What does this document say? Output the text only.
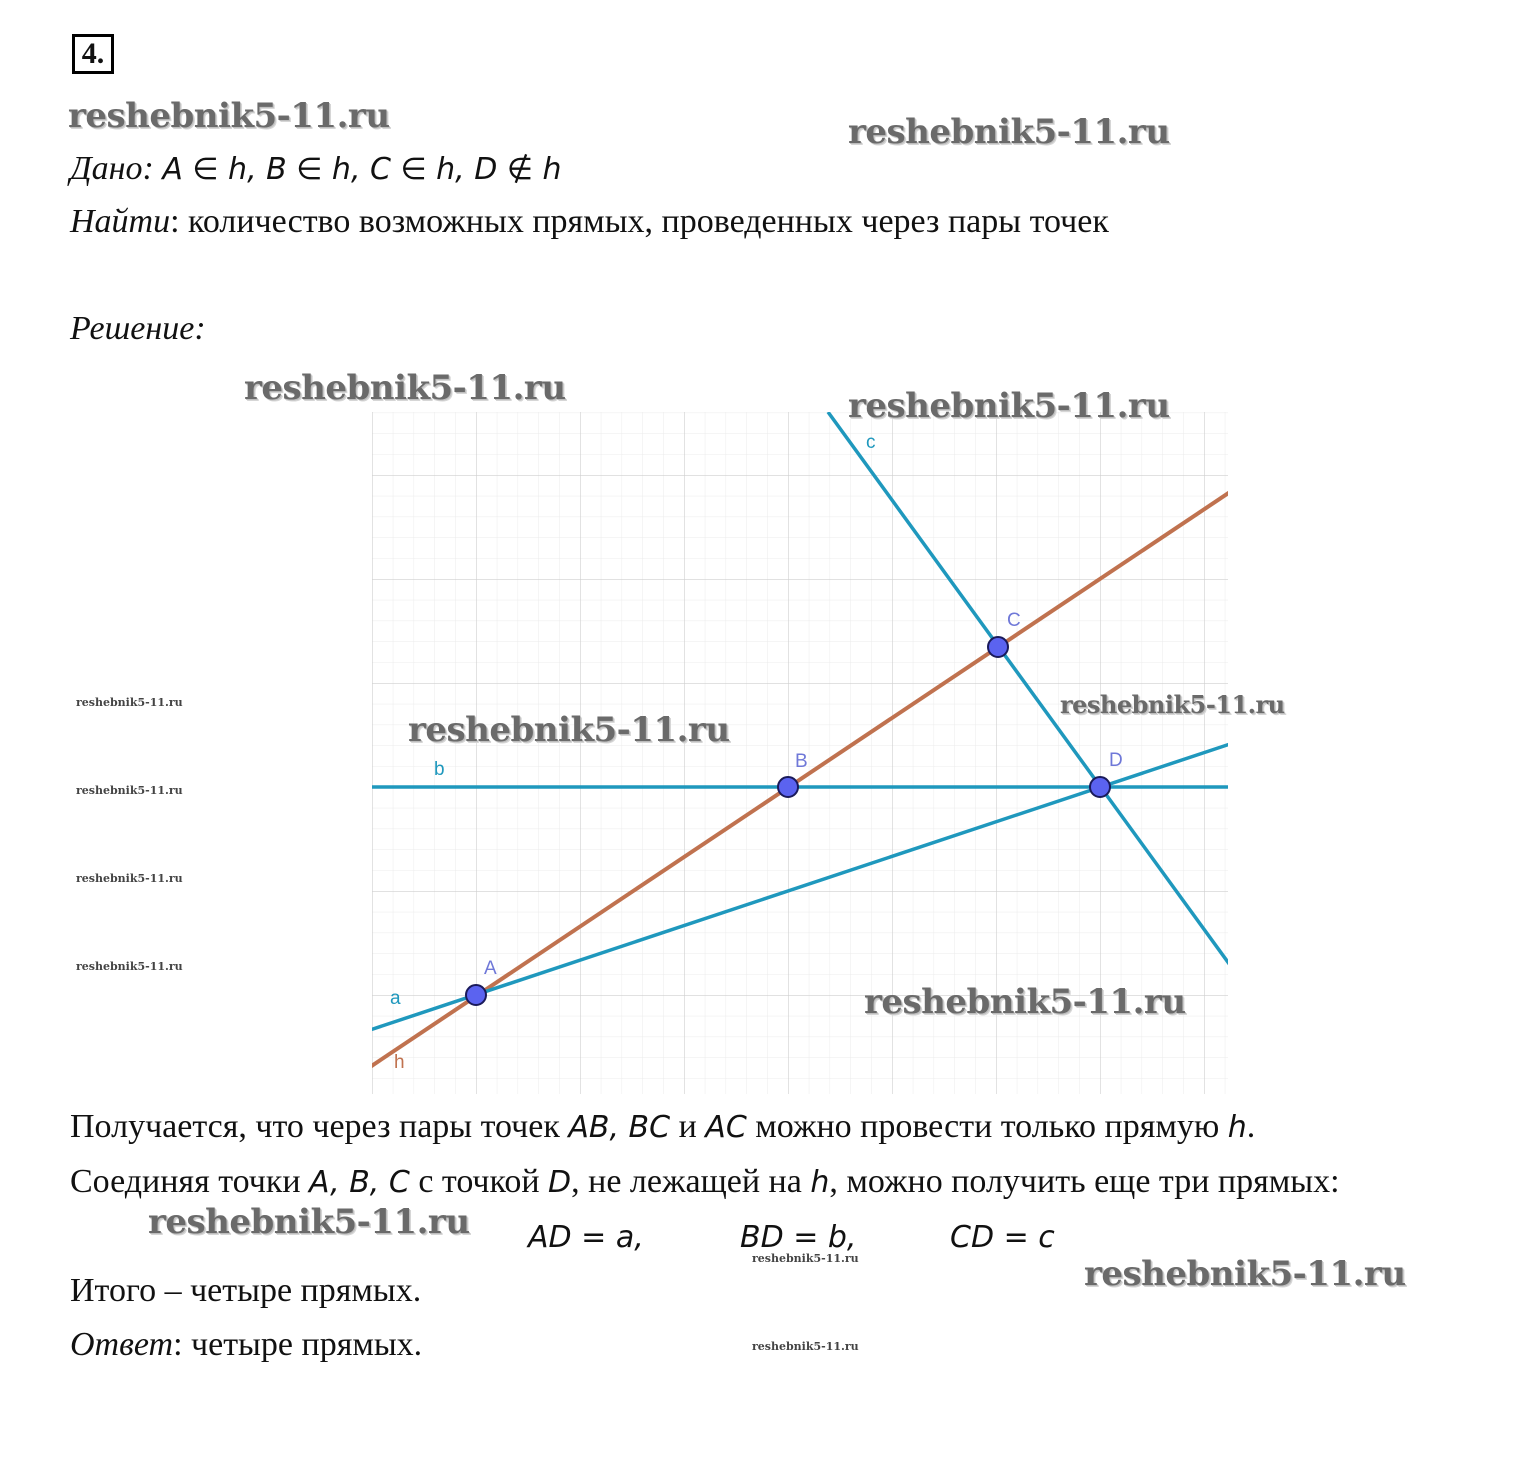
4.
reshebnik5-11.ru	reshebnik5-11.ru
Дано: A ∈ h, B ∈ h, C ∈ h, D ∉ h
Найти: количество возможных прямых, проведенных через пары точек
Решение:
A
B
C
D
a
b
c
h
reshebnik5-11.ru	reshebnik5-11.ru
reshebnik5-11.ru
reshebnik5-11.ru
reshebnik5-11.ru
reshebnik5-11.ru
reshebnik5-11.ru
reshebnik5-11.ru
reshebnik5-11.ru
Получается, что через пары точек AB, BC и AC можно провести только прямую h.
Соединяя точки A, B, C с точкой D, не лежащей на h, можно получить еще три прямых:
reshebnik5-11.ru AD = a,	BD = b,	CD = c
reshebnik5-11.ru	reshebnik5-11.ru
Итого – четыре прямых.
Ответ: четыре прямых.	reshebnik5-11.ru
